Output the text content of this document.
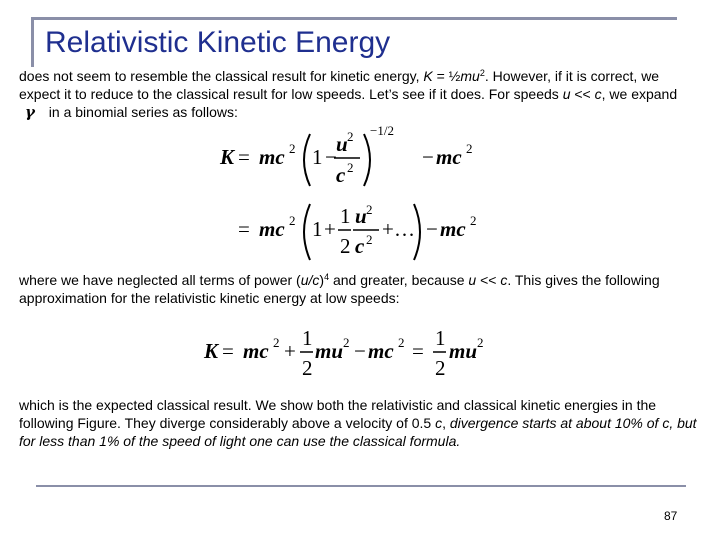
Relativistic Kinetic Energy

does not seem to resemble the classical result for kinetic energy, $K = \frac{1}{2}mu^2$. However, if it is correct, we expect it to reduce to the classical result for low speeds. Let’s see if it does. For speeds u << c, we expand γ in a binomial series as follows:

K = mc 2 1 −
u 2
c 2
−1/2
− mc 2
= mc 2 1 +
1
2
u 2
c 2 + … − mc 2

where we have neglected all terms of power $(u/c)^4$ and greater, because u << c. This gives the following approximation for the relativistic kinetic energy at low speeds:

K = mc 2 +
1
2
mu 2 − mc 2 =
1
2
mu 2

which is the expected classical result. We show both the relativistic and classical kinetic energies in the following Figure. They diverge considerably above a velocity of 0.5 c, divergence starts at about 10% of c, but for less than 1% of the speed of light one can use the classical formula.

87
